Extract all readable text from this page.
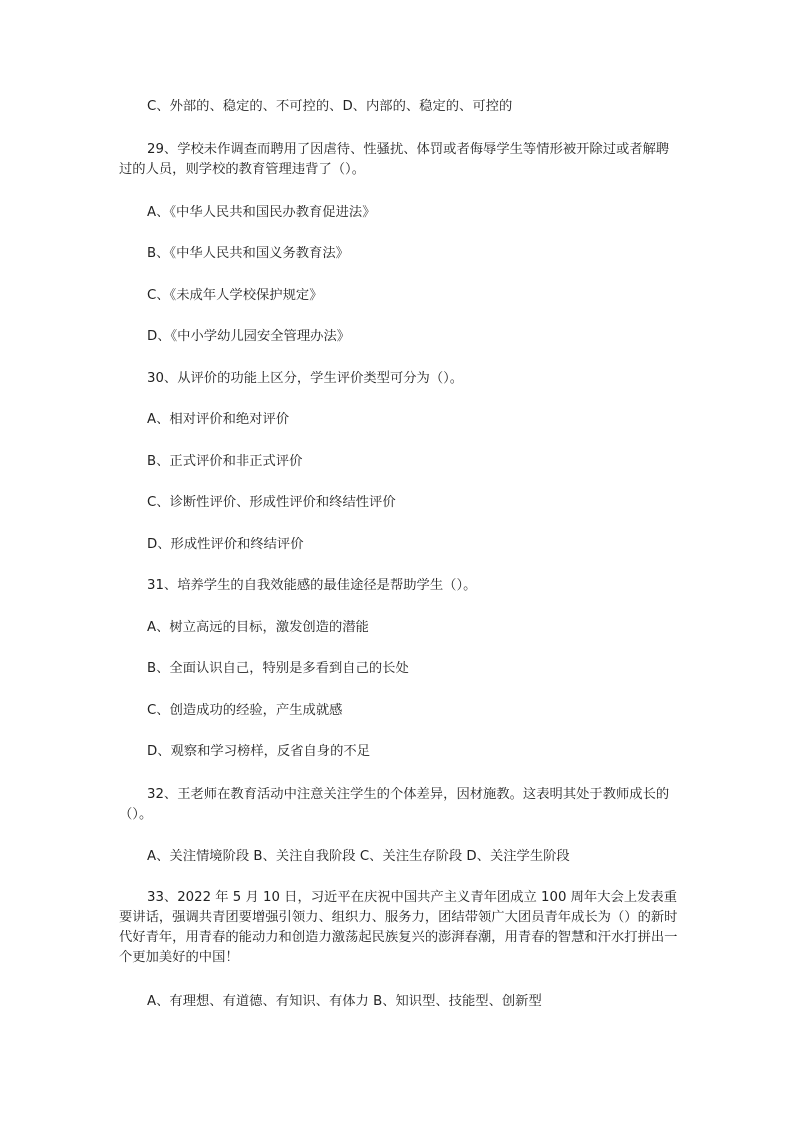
C、外部的、稳定的、不可控的、D、内部的、稳定的、可控的

29、学校未作调查而聘用了因虐待、性骚扰、体罚或者侮辱学生等情形被开除过或者解聘过的人员，则学校的教育管理违背了（）。

A、《中华人民共和国民办教育促进法》

B、《中华人民共和国义务教育法》

C、《未成年人学校保护规定》

D、《中小学幼儿园安全管理办法》

30、从评价的功能上区分，学生评价类型可分为（）。

A、相对评价和绝对评价

B、正式评价和非正式评价

C、诊断性评价、形成性评价和终结性评价

D、形成性评价和终结评价

31、培养学生的自我效能感的最佳途径是帮助学生（）。

A、树立高远的目标，激发创造的潜能

B、全面认识自己，特别是多看到自己的长处

C、创造成功的经验，产生成就感

D、观察和学习榜样，反省自身的不足

32、王老师在教育活动中注意关注学生的个体差异，因材施教。这表明其处于教师成长的（）。

A、关注情境阶段 B、关注自我阶段 C、关注生存阶段 D、关注学生阶段

33、2022 年 5 月 10 日，习近平在庆祝中国共产主义青年团成立 100 周年大会上发表重要讲话，强调共青团要增强引领力、组织力、服务力，团结带领广大团员青年成长为（）的新时代好青年，用青春的能动力和创造力激荡起民族复兴的澎湃春潮，用青春的智慧和汗水打拼出一个更加美好的中国！

A、有理想、有道德、有知识、有体力 B、知识型、技能型、创新型
